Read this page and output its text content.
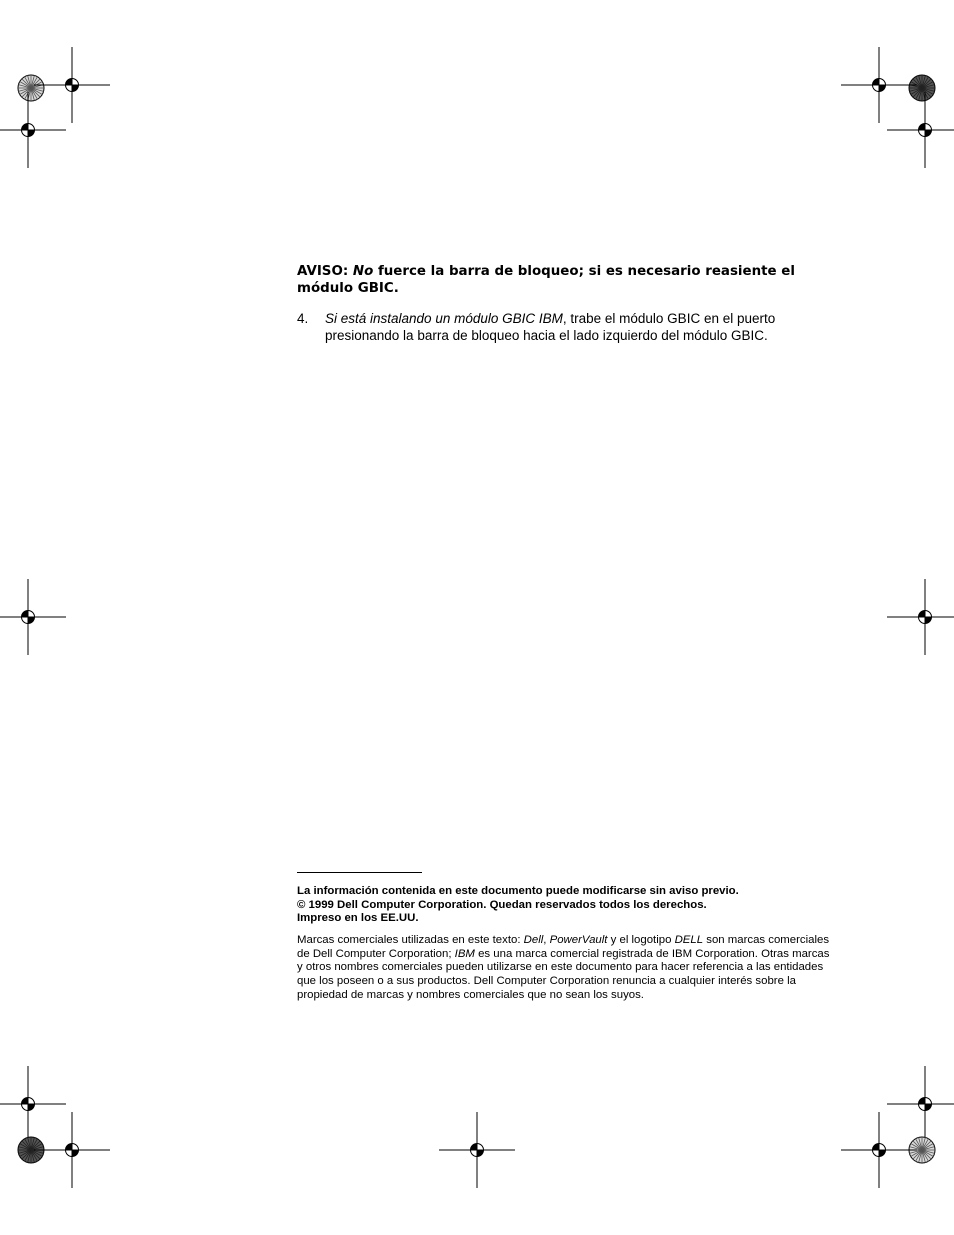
AVISO: No fuerce la barra de bloqueo; si es necesario reasiente el módulo GBIC.
4. Si está instalando un módulo GBIC IBM, trabe el módulo GBIC en el puerto presionando la barra de bloqueo hacia el lado izquierdo del módulo GBIC.
La información contenida en este documento puede modificarse sin aviso previo.
© 1999 Dell Computer Corporation. Quedan reservados todos los derechos.
Impreso en los EE.UU.
Marcas comerciales utilizadas en este texto: Dell, PowerVault y el logotipo DELL son marcas comerciales de Dell Computer Corporation; IBM es una marca comercial registrada de IBM Corporation. Otras marcas y otros nombres comerciales pueden utilizarse en este documento para hacer referencia a las entidades que los poseen o a sus productos. Dell Computer Corporation renuncia a cualquier interés sobre la propiedad de marcas y nombres comerciales que no sean los suyos.
